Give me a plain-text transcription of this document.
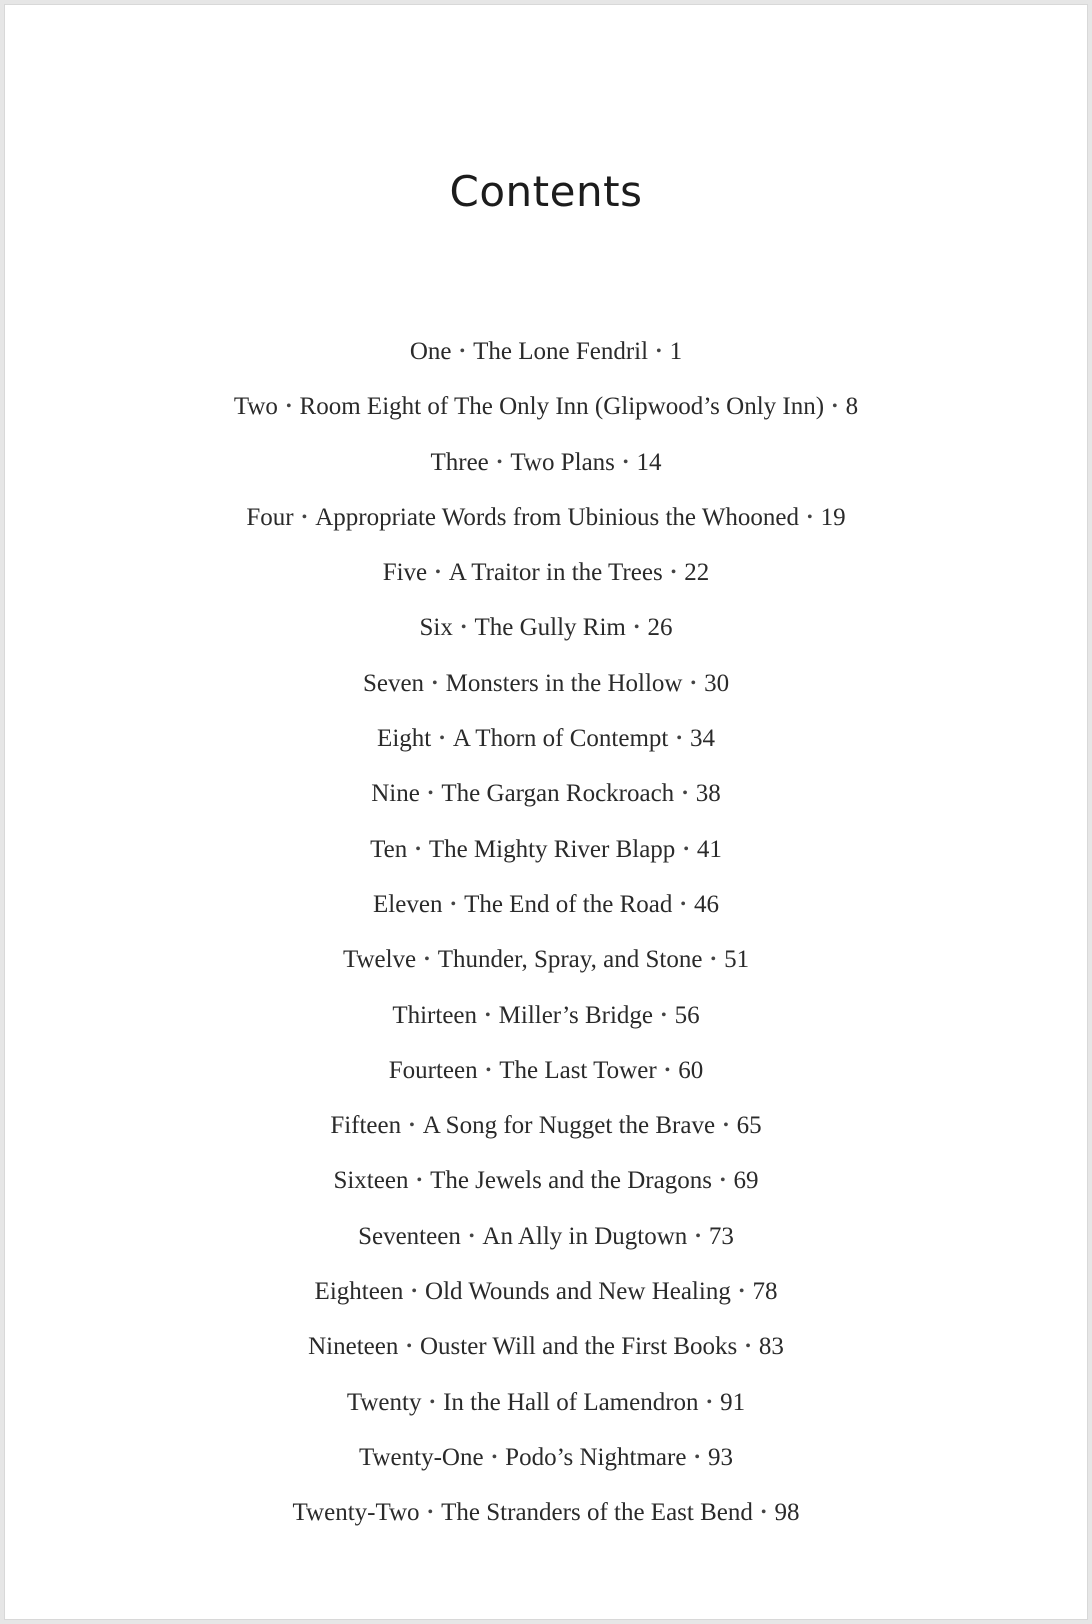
Contents
One • The Lone Fendril • 1
Two • Room Eight of The Only Inn (Glipwood’s Only Inn) • 8
Three • Two Plans • 14
Four • Appropriate Words from Ubinious the Whooned • 19
Five • A Traitor in the Trees • 22
Six • The Gully Rim • 26
Seven • Monsters in the Hollow • 30
Eight • A Thorn of Contempt • 34
Nine • The Gargan Rockroach • 38
Ten • The Mighty River Blapp • 41
Eleven • The End of the Road • 46
Twelve • Thunder, Spray, and Stone • 51
Thirteen • Miller’s Bridge • 56
Fourteen • The Last Tower • 60
Fifteen • A Song for Nugget the Brave • 65
Sixteen • The Jewels and the Dragons • 69
Seventeen • An Ally in Dugtown • 73
Eighteen • Old Wounds and New Healing • 78
Nineteen • Ouster Will and the First Books • 83
Twenty • In the Hall of Lamendron • 91
Twenty-One • Podo’s Nightmare • 93
Twenty-Two • The Stranders of the East Bend • 98
